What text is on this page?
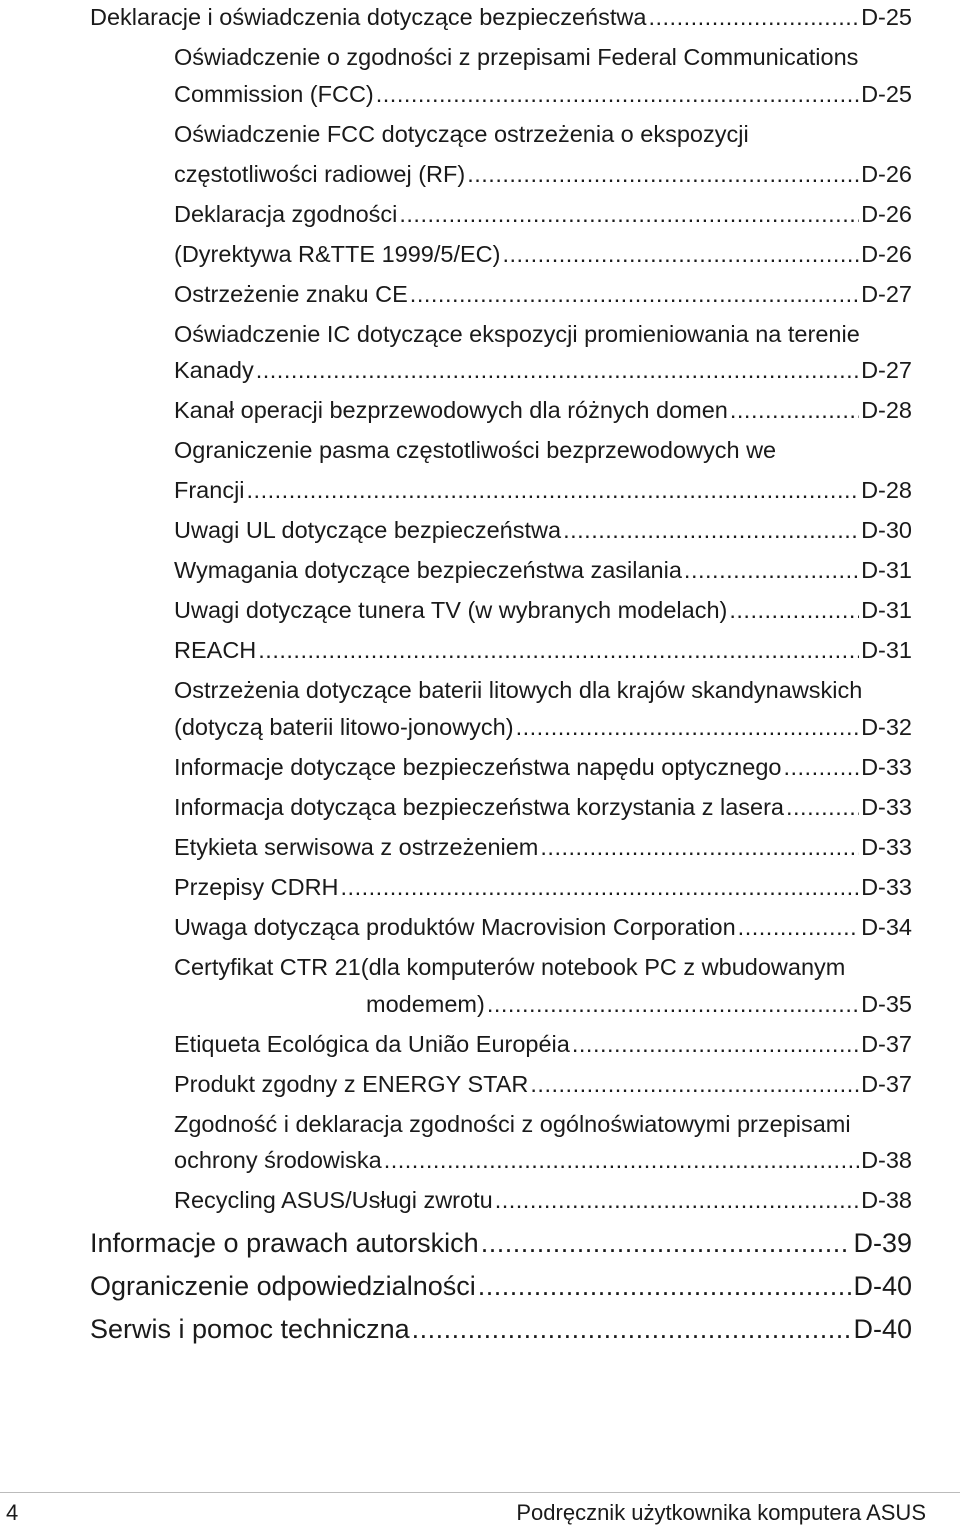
Deklaracje i oświadczenia dotyczące bezpieczeństwa .....	D-25
Oświadczenie o zgodności z przepisami Federal Communications
Commission (FCC) .....	D-25
Oświadczenie FCC dotyczące ostrzeżenia o ekspozycji
częstotliwości radiowej (RF) .....	D-26
Deklaracja zgodności .....	D-26
(Dyrektywa R&TTE 1999/5/EC) .....	D-26
Ostrzeżenie znaku CE .....	D-27
Oświadczenie IC dotyczące ekspozycji promieniowania na terenie
Kanady .....	D-27
Kanał operacji bezprzewodowych dla różnych domen .....	D-28
Ograniczenie pasma częstotliwości bezprzewodowych we
Francji .....	D-28
Uwagi UL dotyczące bezpieczeństwa .....	D-30
Wymagania dotyczące bezpieczeństwa zasilania .....	D-31
Uwagi dotyczące tunera TV (w wybranych modelach) .....	D-31
REACH .....	D-31
Ostrzeżenia dotyczące baterii litowych dla krajów skandynawskich
(dotyczą baterii litowo-jonowych) .....	D-32
Informacje dotyczące bezpieczeństwa napędu optycznego .....	D-33
Informacja dotycząca bezpieczeństwa korzystania z lasera .....	D-33
Etykieta serwisowa z ostrzeżeniem .....	D-33
Przepisy CDRH .....	D-33
Uwaga dotycząca produktów Macrovision Corporation .....	D-34
Certyfikat CTR 21(dla komputerów notebook PC z wbudowanym
modemem) .....	D-35
Etiqueta Ecológica da União Européia .....	D-37
Produkt zgodny z ENERGY STAR .....	D-37
Zgodność i deklaracja zgodności z ogólnoświatowymi przepisami
ochrony środowiska .....	D-38
Recycling ASUS/Usługi zwrotu .....	D-38
Informacje o prawach autorskich .....	D-39
Ograniczenie odpowiedzialności .....	D-40
Serwis i pomoc techniczna .....	D-40
4	Podręcznik użytkownika komputera ASUS
